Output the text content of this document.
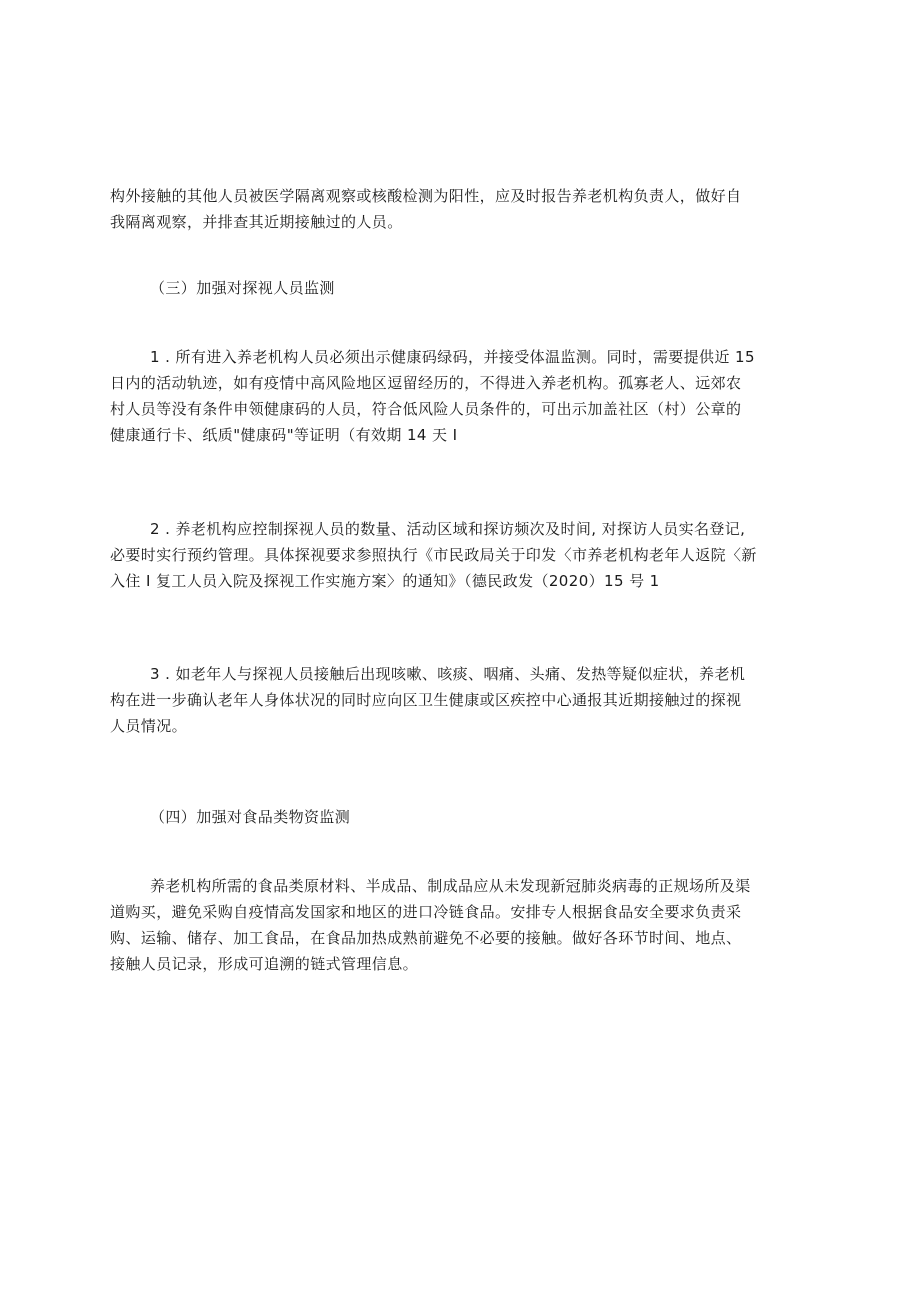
构外接触的其他人员被医学隔离观察或核酸检测为阳性，应及时报告养老机构负责人，做好自
我隔离观察，并排查其近期接触过的人员。
（三）加强对探视人员监测
1 . 所有进入养老机构人员必须出示健康码绿码，并接受体温监测。同时，需要提供近 15
日内的活动轨迹，如有疫情中高风险地区逗留经历的，不得进入养老机构。孤寡老人、远郊农
村人员等没有条件申领健康码的人员，符合低风险人员条件的，可出示加盖社区（村）公章的
健康通行卡、纸质"健康码"等证明（有效期 14 天 I
2 . 养老机构应控制探视人员的数量、活动区域和探访频次及时间, 对探访人员实名登记,
必要时实行预约管理。具体探视要求参照执行《市民政局关于印发〈市养老机构老年人返院〈新
入住 I 复工人员入院及探视工作实施方案〉的通知》（德民政发（2020）15 号 1
3 . 如老年人与探视人员接触后出现咳嗽、咳痰、咽痛、头痛、发热等疑似症状，养老机
构在进一步确认老年人身体状况的同时应向区卫生健康或区疾控中心通报其近期接触过的探视
人员情况。
（四）加强对食品类物资监测
养老机构所需的食品类原材料、半成品、制成品应从未发现新冠肺炎病毒的正规场所及渠
道购买，避免采购自疫情高发国家和地区的进口冷链食品。安排专人根据食品安全要求负责采
购、运输、储存、加工食品，在食品加热成熟前避免不必要的接触。做好各环节时间、地点、
接触人员记录，形成可追溯的链式管理信息。
